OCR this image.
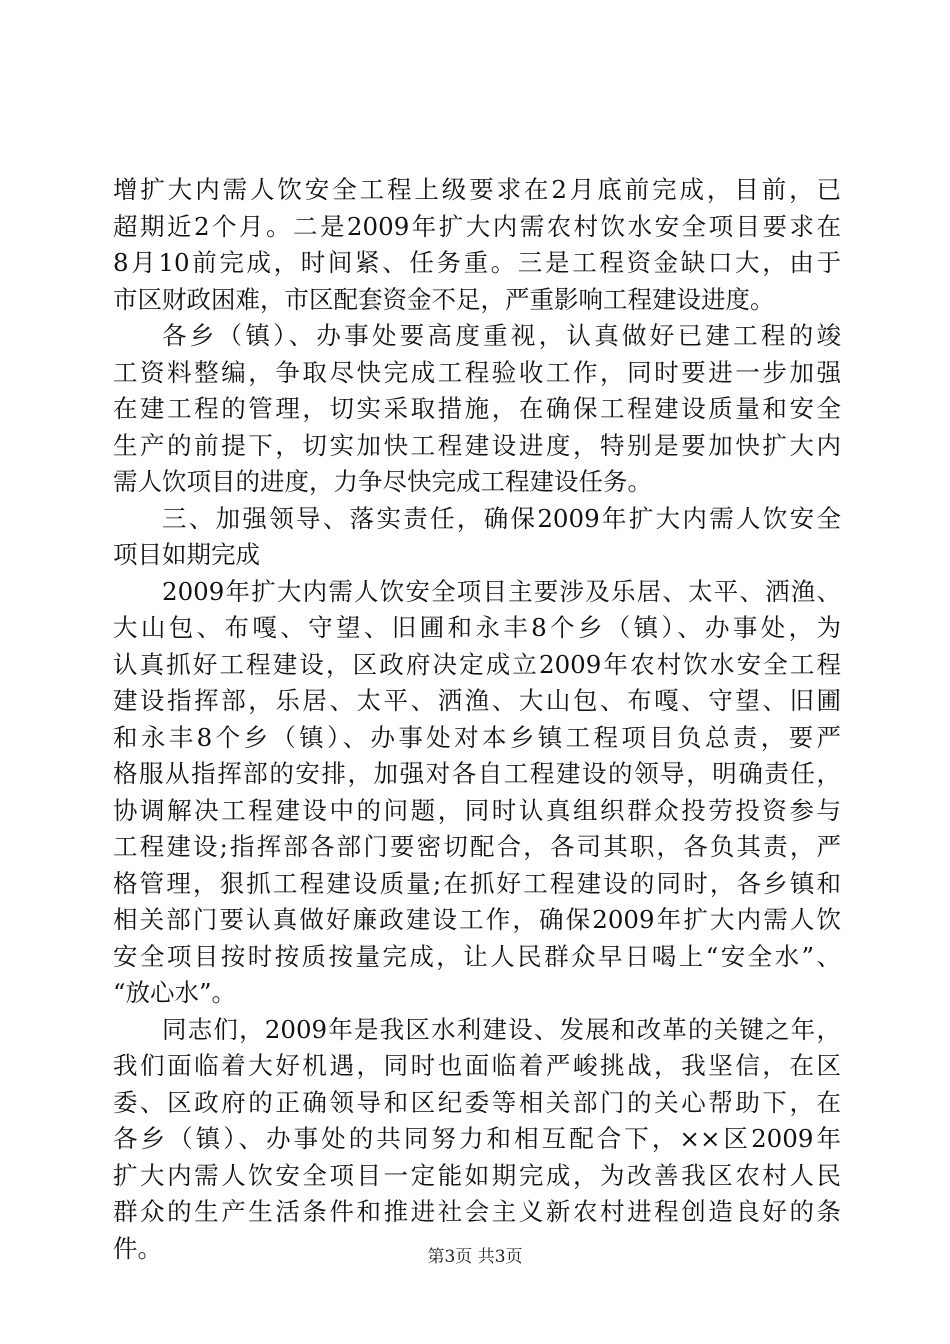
增扩大内需人饮安全工程上级要求在2月底前完成，目前，已
超期近2个月。二是2009年扩大内需农村饮水安全项目要求在
8月10前完成，时间紧、任务重。三是工程资金缺口大，由于
市区财政困难，市区配套资金不足，严重影响工程建设进度。
各乡（镇）、办事处要高度重视，认真做好已建工程的竣
工资料整编，争取尽快完成工程验收工作，同时要进一步加强
在建工程的管理，切实采取措施，在确保工程建设质量和安全
生产的前提下，切实加快工程建设进度，特别是要加快扩大内
需人饮项目的进度，力争尽快完成工程建设任务。
三、加强领导、落实责任，确保2009年扩大内需人饮安全
项目如期完成
2009年扩大内需人饮安全项目主要涉及乐居、太平、洒渔、
大山包、布嘎、守望、旧圃和永丰8个乡（镇）、办事处，为
认真抓好工程建设，区政府决定成立2009年农村饮水安全工程
建设指挥部，乐居、太平、洒渔、大山包、布嘎、守望、旧圃
和永丰8个乡（镇）、办事处对本乡镇工程项目负总责，要严
格服从指挥部的安排，加强对各自工程建设的领导，明确责任，
协调解决工程建设中的问题，同时认真组织群众投劳投资参与
工程建设;指挥部各部门要密切配合，各司其职，各负其责，严
格管理，狠抓工程建设质量;在抓好工程建设的同时，各乡镇和
相关部门要认真做好廉政建设工作，确保2009年扩大内需人饮
安全项目按时按质按量完成，让人民群众早日喝上“安全水”、
“放心水”。
同志们，2009年是我区水利建设、发展和改革的关键之年，
我们面临着大好机遇，同时也面临着严峻挑战，我坚信，在区
委、区政府的正确领导和区纪委等相关部门的关心帮助下，在
各乡（镇）、办事处的共同努力和相互配合下，××区2009年
扩大内需人饮安全项目一定能如期完成，为改善我区农村人民
群众的生产生活条件和推进社会主义新农村进程创造良好的条
件。	第3页 共3页
